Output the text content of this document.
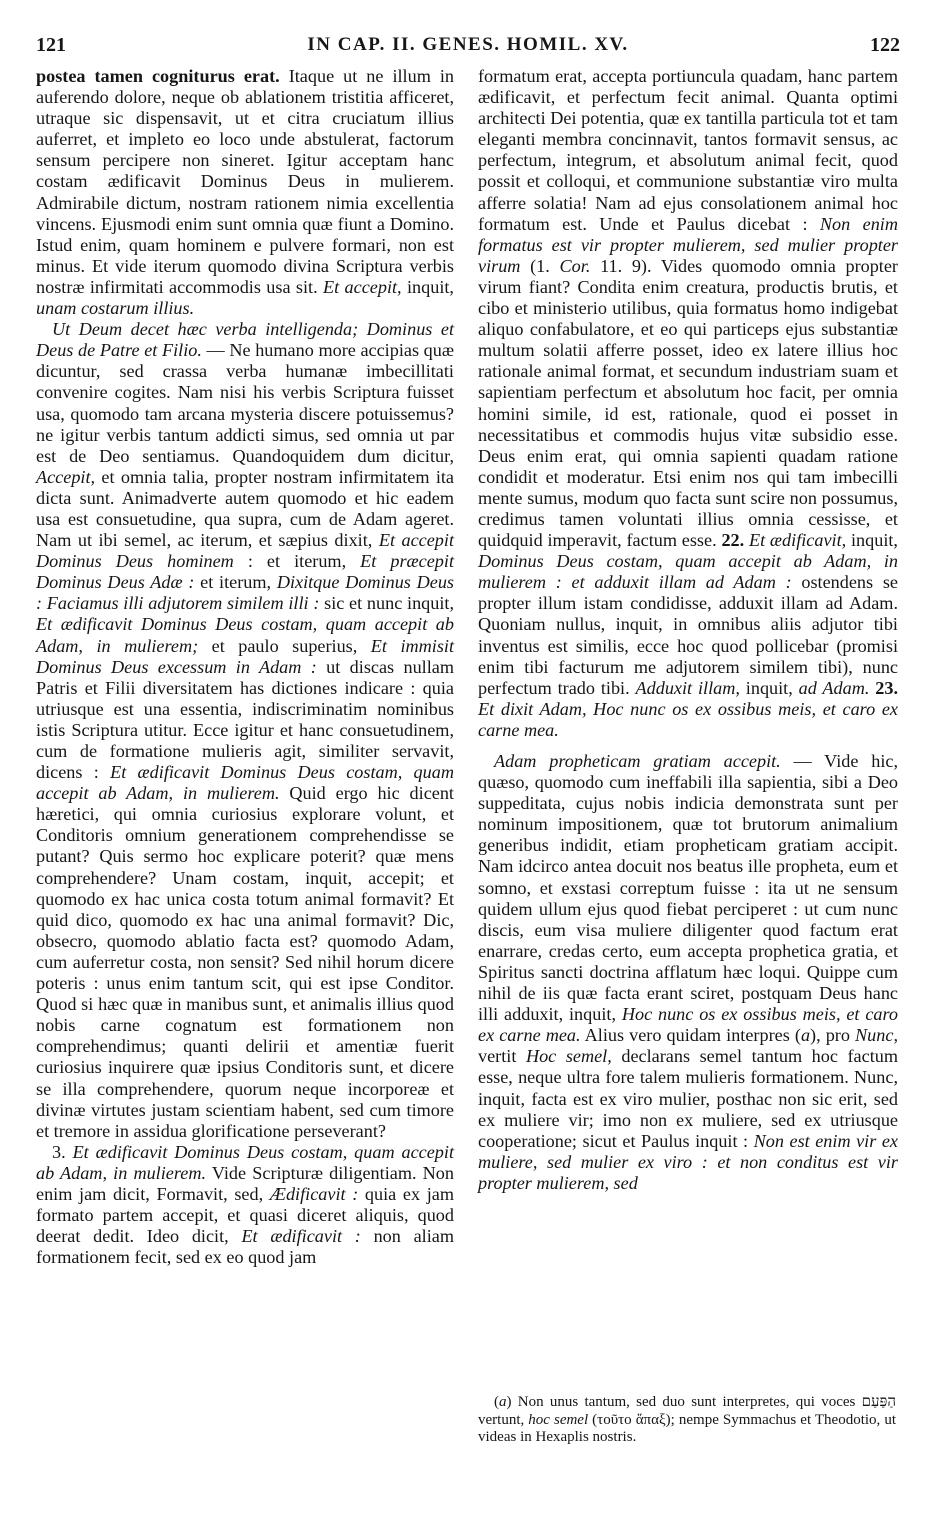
121	IN CAP. II. GENES. HOMIL. XV.	122

postea tamen cogniturus erat. Itaque ut ne illum in auferendo dolore, neque ob ablationem tristitia afficeret, utraque sic dispensavit, ut et citra cruciatum illius auferret, et impleto eo loco unde abstulerat, factorum sensum percipere non sineret. Igitur acceptam hanc costam ædificavit Dominus Deus in mulierem. Admirabile dictum, nostram rationem nimia excellentia vincens. Ejusmodi enim sunt omnia quæ fiunt a Domino. Istud enim, quam hominem e pulvere formari, non est minus. Et vide iterum quomodo divina Scriptura verbis nostræ infirmitati accommodis usa sit. Et accepit, inquit, unam costarum illius.

Ut Deum decet hæc verba intelligenda; Dominus et Deus de Patre et Filio. — Ne humano more accipias quæ dicuntur, sed crassa verba humanæ imbecillitati convenire cogites. Nam nisi his verbis Scriptura fuisset usa, quomodo tam arcana mysteria discere potuissemus? ne igitur verbis tantum addicti simus, sed omnia ut par est de Deo sentiamus. Quandoquidem dum dicitur, Accepit, et omnia talia, propter nostram infirmitatem ita dicta sunt. Animadverte autem quomodo et hic eadem usa est consuetudine, qua supra, cum de Adam ageret. Nam ut ibi semel, ac iterum, et sæpius dixit, Et accepit Dominus Deus hominem : et iterum, Et præcepit Dominus Deus Adæ : et iterum, Dixitque Dominus Deus : Faciamus illi adjutorem similem illi : sic et nunc inquit, Et ædificavit Dominus Deus costam, quam accepit ab Adam, in mulierem; et paulo superius, Et immisit Dominus Deus excessum in Adam : ut discas nullam Patris et Filii diversitatem has dictiones indicare : quia utriusque est una essentia, indiscriminatim nominibus istis Scriptura utitur. Ecce igitur et hanc consuetudinem, cum de formatione mulieris agit, similiter servavit, dicens : Et ædificavit Dominus Deus costam, quam accepit ab Adam, in mulierem. Quid ergo hic dicent hæretici, qui omnia curiosius explorare volunt, et Conditoris omnium generationem comprehendisse se putant? Quis sermo hoc explicare poterit? quæ mens comprehendere? Unam costam, inquit, accepit; et quomodo ex hac unica costa totum animal formavit? Et quid dico, quomodo ex hac una animal formavit? Dic, obsecro, quomodo ablatio facta est? quomodo Adam, cum auferretur costa, non sensit? Sed nihil horum dicere poteris : unus enim tantum scit, qui est ipse Conditor. Quod si hæc quæ in manibus sunt, et animalis illius quod nobis carne cognatum est formationem non comprehendimus; quanti delirii et amentiæ fuerit curiosius inquirere quæ ipsius Conditoris sunt, et dicere se illa comprehendere, quorum neque incorporeæ et divinæ virtutes justam scientiam habent, sed cum timore et tremore in assidua glorificatione perseverant?

3. Et ædificavit Dominus Deus costam, quam accepit ab Adam, in mulierem. Vide Scripturæ diligentiam. Non enim jam dicit, Formavit, sed, Ædificavit : quia ex jam formato partem accepit, et quasi diceret aliquis, quod deerat dedit. Ideo dicit, Et ædificavit : non aliam formationem fecit, sed ex eo quod jam

formatum erat, accepta portiuncula quadam, hanc partem ædificavit, et perfectum fecit animal. Quanta optimi architecti Dei potentia, quæ ex tantilla particula tot et tam eleganti membra concinnavit, tantos formavit sensus, ac perfectum, integrum, et absolutum animal fecit, quod possit et colloqui, et communione substantiæ viro multa afferre solatia! Nam ad ejus consolationem animal hoc formatum est. Unde et Paulus dicebat : Non enim formatus est vir propter mulierem, sed mulier propter virum (1. Cor. 11. 9). Vides quomodo omnia propter virum fiant? Condita enim creatura, productis brutis, et cibo et ministerio utilibus, quia formatus homo indigebat aliquo confabulatore, et eo qui particeps ejus substantiæ multum solatii afferre posset, ideo ex latere illius hoc rationale animal format, et secundum industriam suam et sapientiam perfectum et absolutum hoc facit, per omnia homini simile, id est, rationale, quod ei posset in necessitatibus et commodis hujus vitæ subsidio esse. Deus enim erat, qui omnia sapienti quadam ratione condidit et moderatur. Etsi enim nos qui tam imbecilli mente sumus, modum quo facta sunt scire non possumus, credimus tamen voluntati illius omnia cessisse, et quidquid imperavit, factum esse. 22. Et ædificavit, inquit, Dominus Deus costam, quam accepit ab Adam, in mulierem : et adduxit illam ad Adam : ostendens se propter illum istam condidisse, adduxit illam ad Adam. Quoniam nullus, inquit, in omnibus aliis adjutor tibi inventus est similis, ecce hoc quod pollicebar (promisi enim tibi facturum me adjutorem similem tibi), nunc perfectum trado tibi. Adduxit illam, inquit, ad Adam. 23. Et dixit Adam, Hoc nunc os ex ossibus meis, et caro ex carne mea.

Adam propheticam gratiam accepit. — Vide hic, quæso, quomodo cum ineffabili illa sapientia, sibi a Deo suppeditata, cujus nobis indicia demonstrata sunt per nominum impositionem, quæ tot brutorum animalium generibus indidit, etiam propheticam gratiam accipit. Nam idcirco antea docuit nos beatus ille propheta, eum et somno, et exstasi correptum fuisse : ita ut ne sensum quidem ullum ejus quod fiebat perciperet : ut cum nunc discis, eum visa muliere diligenter quod factum erat enarrare, credas certo, eum accepta prophetica gratia, et Spiritus sancti doctrina afflatum hæc loqui. Quippe cum nihil de iis quæ facta erant sciret, postquam Deus hanc illi adduxit, inquit, Hoc nunc os ex ossibus meis, et caro ex carne mea. Alius vero quidam interpres (a), pro Nunc, vertit Hoc semel, declarans semel tantum hoc factum esse, neque ultra fore talem mulieris formationem. Nunc, inquit, facta est ex viro mulier, posthac non sic erit, sed ex muliere vir; imo non ex muliere, sed ex utriusque cooperatione; sicut et Paulus inquit : Non est enim vir ex muliere, sed mulier ex viro : et non conditus est vir propter mulierem, sed

(a) Non unus tantum, sed duo sunt interpretes, qui voces הַפַּעַם vertunt, hoc semel (τοῦτο ἅπαξ); nempe Symmachus et Theodotio, ut videas in Hexaplis nostris.
